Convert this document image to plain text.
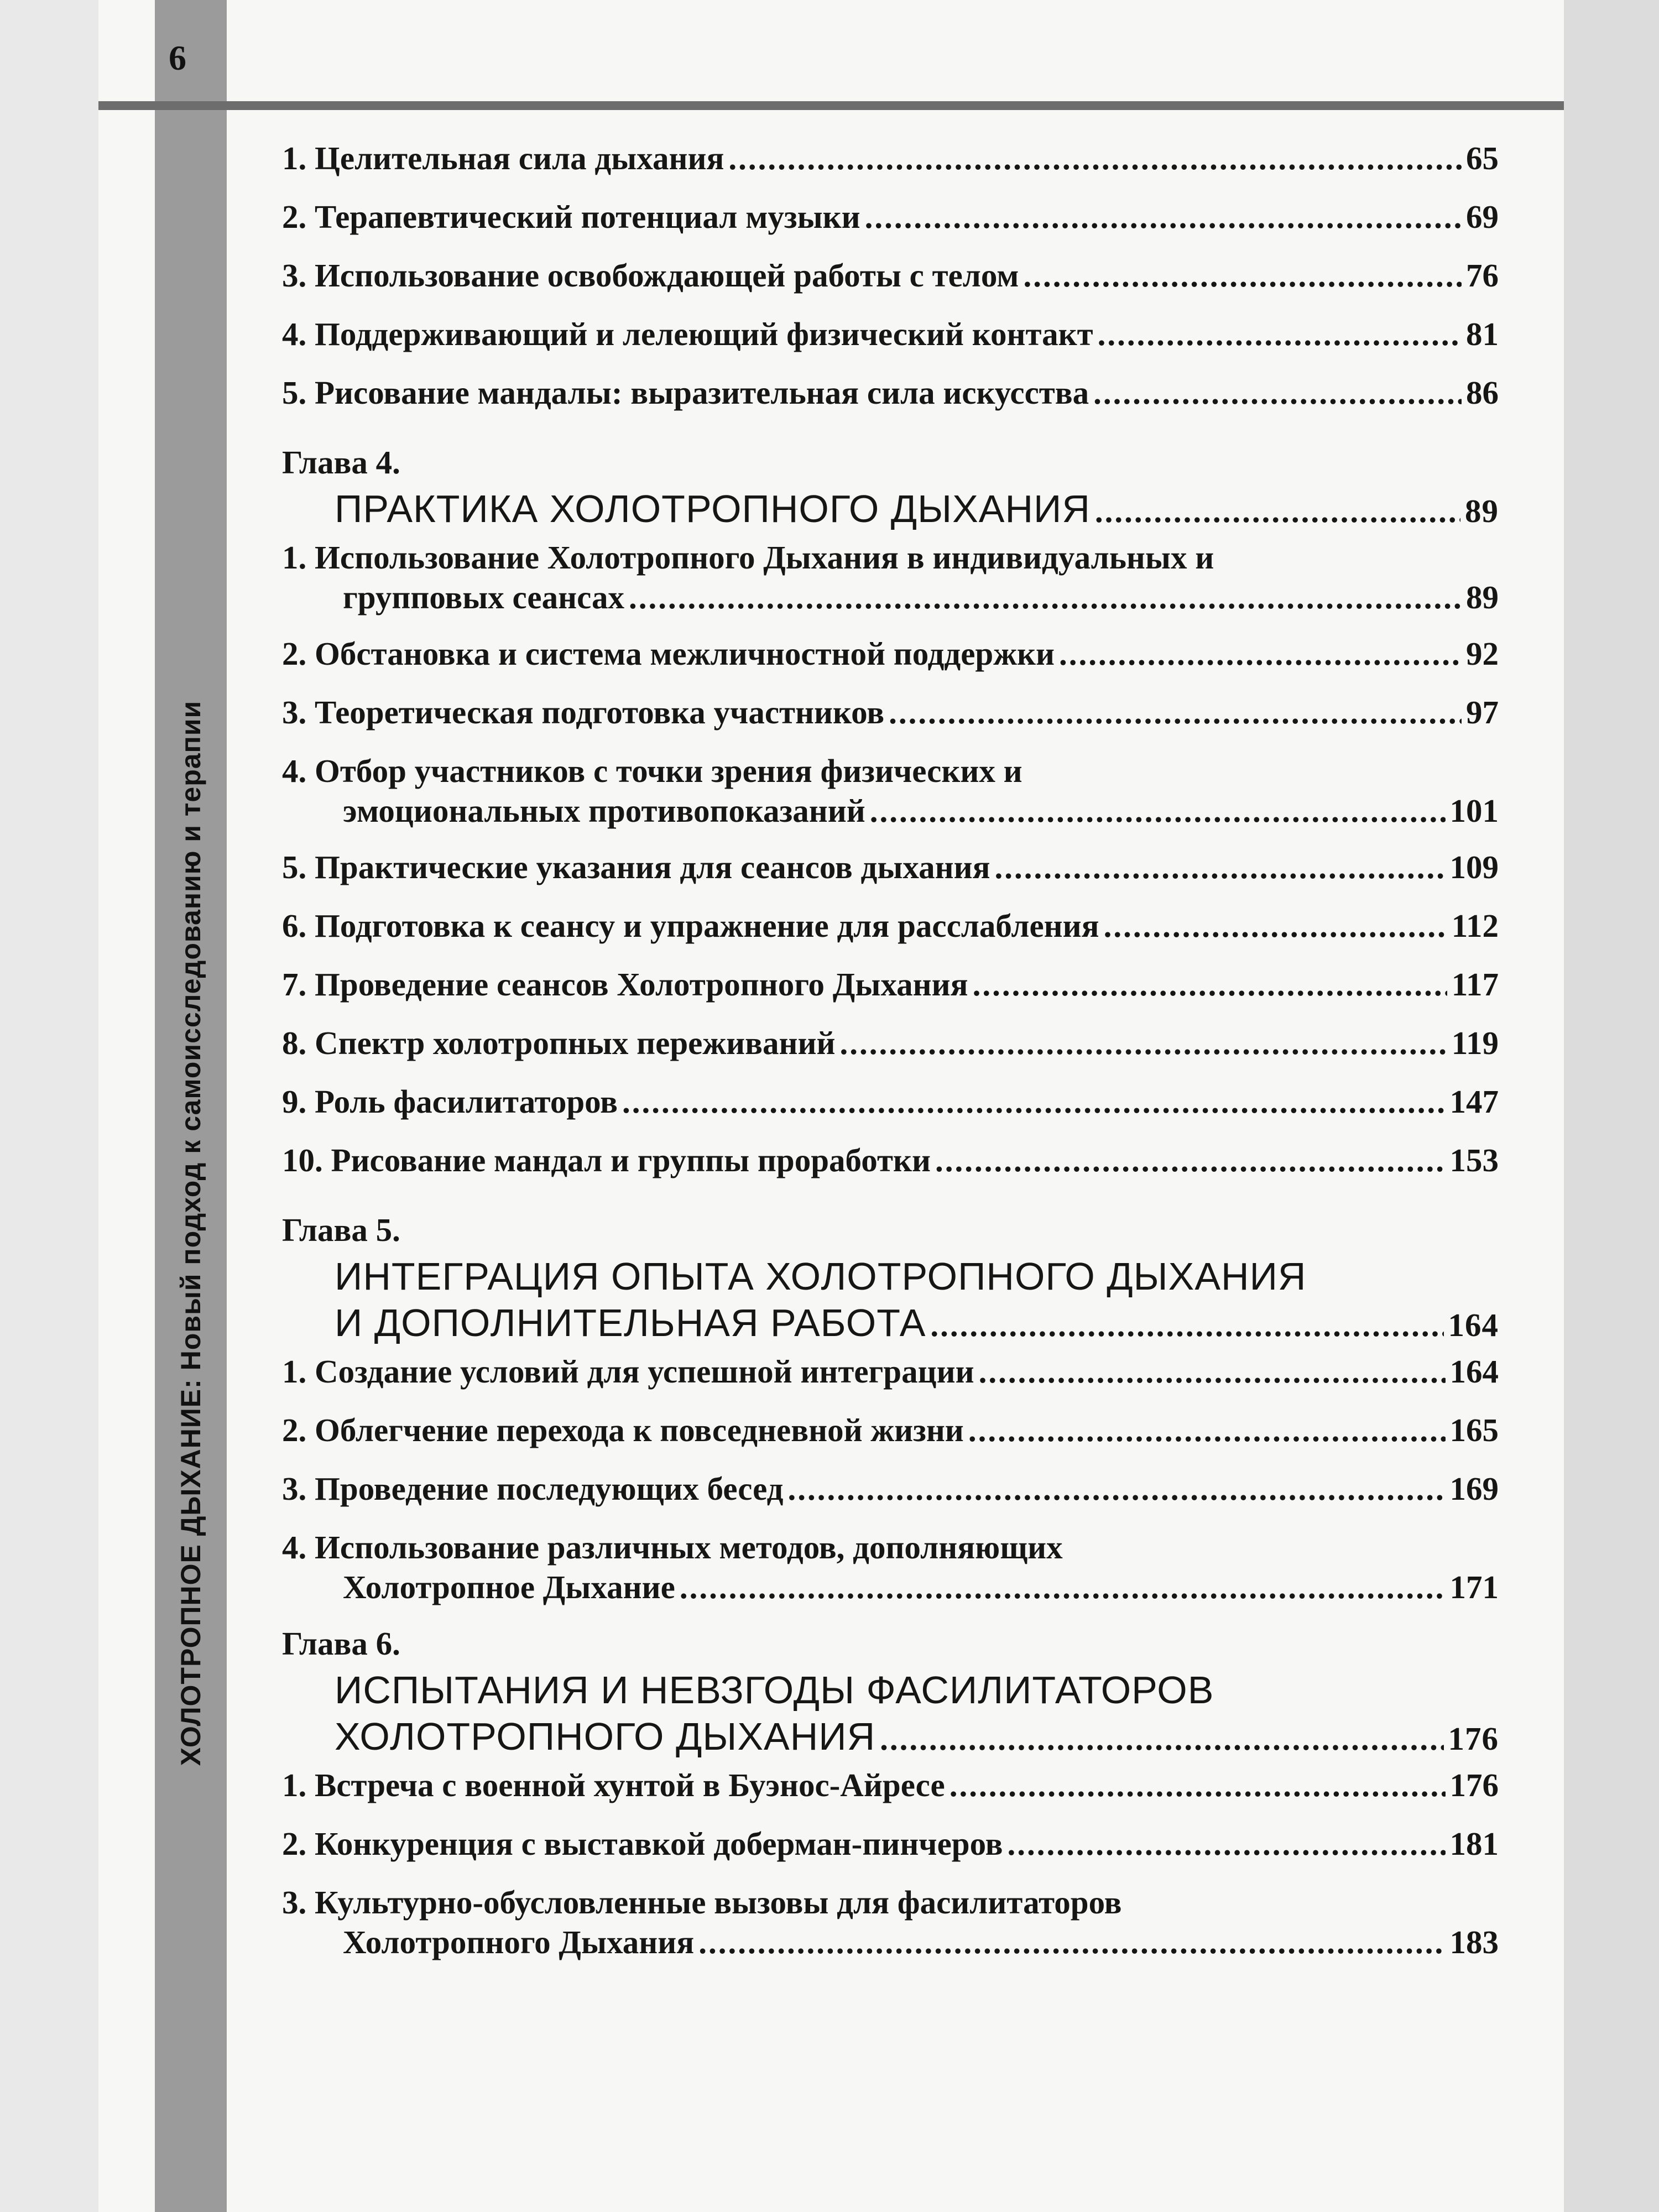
ХОЛОТРОПНОЕ ДЫХАНИЕ: Новый подход к самоисследованию и терапии
6
1. Целительная сила дыхания .....	65
2. Терапевтический потенциал музыки .....	69
3. Использование освобождающей работы с телом .....	76
4. Поддерживающий и лелеющий физический контакт .....	81
5. Рисование мандалы: выразительная сила искусства .....	86
Глава 4.
ПРАКТИКА ХОЛОТРОПНОГО ДЫХАНИЯ .....	89
1. Использование Холотропного Дыхания в индивидуальных и
групповых сеансах .....	89
2. Обстановка и система межличностной поддержки .....	92
3. Теоретическая подготовка участников .....	97
4. Отбор участников с точки зрения физических и
эмоциональных противопоказаний .....	101
5. Практические указания для сеансов дыхания .....	109
6. Подготовка к сеансу и упражнение для расслабления .....	112
7. Проведение сеансов Холотропного Дыхания .....	117
8. Спектр холотропных переживаний .....	119
9. Роль фасилитаторов .....	147
10. Рисование мандал и группы проработки .....	153
Глава 5.
ИНТЕГРАЦИЯ ОПЫТА ХОЛОТРОПНОГО ДЫХАНИЯ
И ДОПОЛНИТЕЛЬНАЯ РАБОТА .....	164
1. Создание условий для успешной интеграции .....	164
2. Облегчение перехода к повседневной жизни .....	165
3. Проведение последующих бесед .....	169
4. Использование различных методов, дополняющих
Холотропное Дыхание .....	171
Глава 6.
ИСПЫТАНИЯ И НЕВЗГОДЫ ФАСИЛИТАТОРОВ
ХОЛОТРОПНОГО ДЫХАНИЯ .....	176
1. Встреча с военной хунтой в Буэнос-Айресе .....	176
2. Конкуренция с выставкой доберман-пинчеров .....	181
3. Культурно-обусловленные вызовы для фасилитаторов
Холотропного Дыхания .....	183
